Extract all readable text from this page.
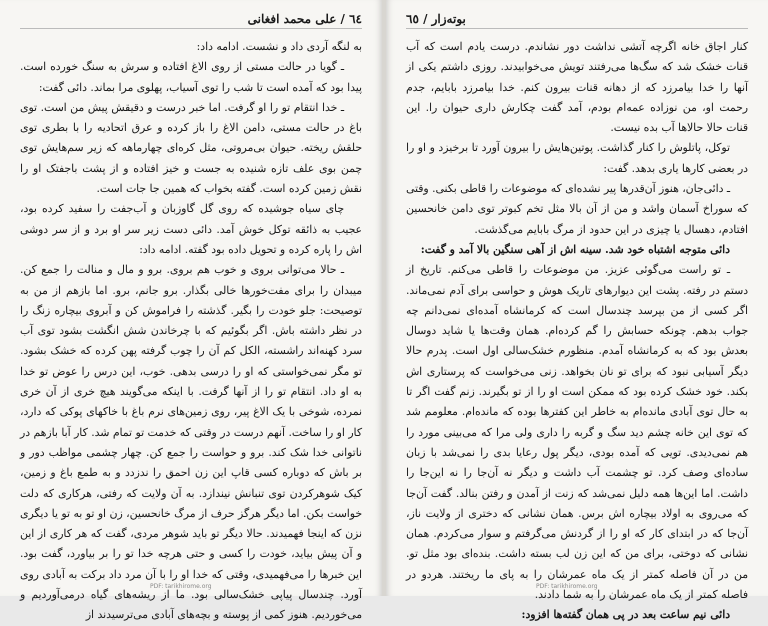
٦٤ / علی محمد افغانی

به لنگه آردی داد و نشست. ادامه داد:

ـ گویا در حالت مستی از روی الاغ افتاده و سرش به سنگ خورده است. پیدا بود که آمده است تا شب را توی آسیاب، پهلوی مرا بماند. دائی گفت:

ـ خدا انتقام تو را او گرفت. اما خبر درست و دقیقش پیش من است. توی باغ در حالت مستی، دامن الاغ را باز کرده و عرق اتحادیه را با بطری توی حلقش ریخته. حیوان بی‌مروتی، مثل کره‌ای چهارماهه که زیر سم‌هایش توی چمن بوی علف تازه شنیده به جست و خیز افتاده و از پشت با‌جفتک او را نقش زمین کرده است. گفته بخواب که همین جا جات است.

چای سیاه جوشیده که روی گل گاوزبان و آب‌جفت را سفید کرده بود، عجیب به ذائقه توکل خوش آمد. دائی دست زیر سر او برد و از سر دوشی اش را پاره کرده و تحویل داده بود گفته. ادامه داد:

ـ حالا می‌توانی بروی و خوب هم بروی. برو و مال و منالت را جمع کن. میبدان را برای مفت‌خورها خالی بگذار. برو جانم، برو. اما بازهم از من به توصیحت: جلو خودت را بگیر. گذشته را فراموش کن و آبروی بیچاره زنگ را در نظر داشته باش. اگر بگوئیم که با چرخاندن شش انگشت بشود توی آب سرد کهنه‌اند راشسته، الکل کم آن را چوب گرفته پهن کرده که خشک بشود. تو مگر نمی‌خواستی که او را درسی بدهی. خوب، این درس را عوض تو خدا به او داد. انتقام تو را از آنها گرفت. با اینکه می‌گویند هیچ خری از آن خری نمرده، شوخی با یک الاغ پیر، روی زمین‌های نرم باغ با خاکهای پوکی که دارد، کار او را ساخت. آنهم درست در وقتی که خدمت تو تمام شد. کار آبا بازهم در ناتوانی خدا شک کند. برو و حواست را جمع کن. چهار چشمی مواظب دور و بر باش که دوباره کسی قاپ این زن احمق را ندزدد و به طمع باغ و زمین، کیک شوهرکردن توی تنبانش نیندازد. به آن ولایت که رفتی، هرکاری که دلت خواست بکن. اما دیگر هرگز حرف از مرگ خانحسین، زن او تو به تو یا دیگری نزن که اینجا فهمیدند. حالا دیگر تو باید شوهر مردی، گفت که هر کاری از این و آن پیش بیاید، خودت را کسی و حتی هرچه خدا تو را بر بیاورد، گفت بود. این خبرها را می‌فهمیدی، وقتی که خدا او را با آن مرد داد برکت به آبادی روی آورد. چندسال پیاپی خشک‌سالی بود. ما از ریشه‌های گیاه درمی‌آوردیم و می‌خوردیم. هنوز کمی از پوسته و بچه‌های آبادی می‌ترسیدند از

PDF: tarikhirome.org
بوته‌زار / ٦٥

کنار اجاق خانه اگرچه آتشی نداشت دور نشاندم. درست یادم است که آب قنات خشک شد که سگ‌ها می‌رفتند تویش می‌خوابیدند. روزی داشتم یکی از آنها را خدا بیامرزد که از دهانه قنات بیرون کنم. خدا بیامرزد بابایم، جدم رحمت او، من نوزاده عمه‌ام بودم، آمد گفت چکارش داری حیوان را. این قنات حالا حالاها آب بده نیست.

توکل، پاتلوش را کنار گذاشت. پوتین‌هایش را بیرون آورد تا برخیزد و او را در بعضی کارها یاری بدهد. گفت:

ـ دائی‌جان، هنوز آن‌قدرها پیر نشده‌ای که موضوعات را قاطی بکنی. وقتی که سوراخ آسمان واشد و من از آن بالا مثل تخم کبوتر توی دامن خانحسین افتادم، دهسال یا چیزی در این حدود از مرگ بابایم می‌گذشت.

دائی متوجه اشتباه خود شد. سینه اش از آهی سنگین بالا آمد و گفت:

ـ تو راست می‌گوئی عزیز. من موضوعات را قاطی می‌کنم. تاریخ از دستم در رفته. پشت این دیوارهای تاریک هوش و حواسی برای آدم نمی‌ماند. اگر کسی از من بپرسد چندسال است که کرمانشاه آمده‌ای نمی‌دانم چه جواب بدهم. چونکه حسابش را گم کرده‌ام. همان وقت‌ها یا شاید دوسال بعدش بود که به کرمانشاه آمدم. منظورم خشک‌سالی اول است. پدرم حالا دیگر آسیابی نبود که برای تو نان بخواهد. زنی می‌خواست که پرستاری اش بکند. خود خشک کرده بود که ممکن است او را از تو بگیرند. زنم گفت اگر تا به حال توی آبادی مانده‌ام به خاطر این کفترها بوده که مانده‌ام. معلومم شد که توی این خانه چشم دید سگ و گربه را داری ولی مرا که می‌بینی مورد را هم نمی‌دیدی. تویی که آمده بودی، دیگر پول رعایا بدی را نمی‌شد با زبان ساده‌ای وصف کرد. تو چشمت آب داشت و دیگر نه آن‌جا را نه این‌جا را داشت. اما این‌ها همه دلیل نمی‌شد که زنت از آمدن و رفتن بنالد. گفت آن‌جا که می‌روی به اولاد بیچاره اش برس. همان نشانی که دختری از ولایت ناز، آن‌جا که در ابتدای کار که او را از گردنش می‌گرفتم و سوار می‌کردم. همان نشانی که دوختی، برای من که این زن لب بسته داشت. بنده‌ای بود مثل تو. من در آن فاصله کمتر از یک ماه عمرشان را به پای ما ریختند. هردو در فاصله کمتر از یک ماه عمرشان را به شما دادند.

دائی نیم ساعت بعد در پی همان گفته‌ها افزود:

PDF: tarikhirome.org
